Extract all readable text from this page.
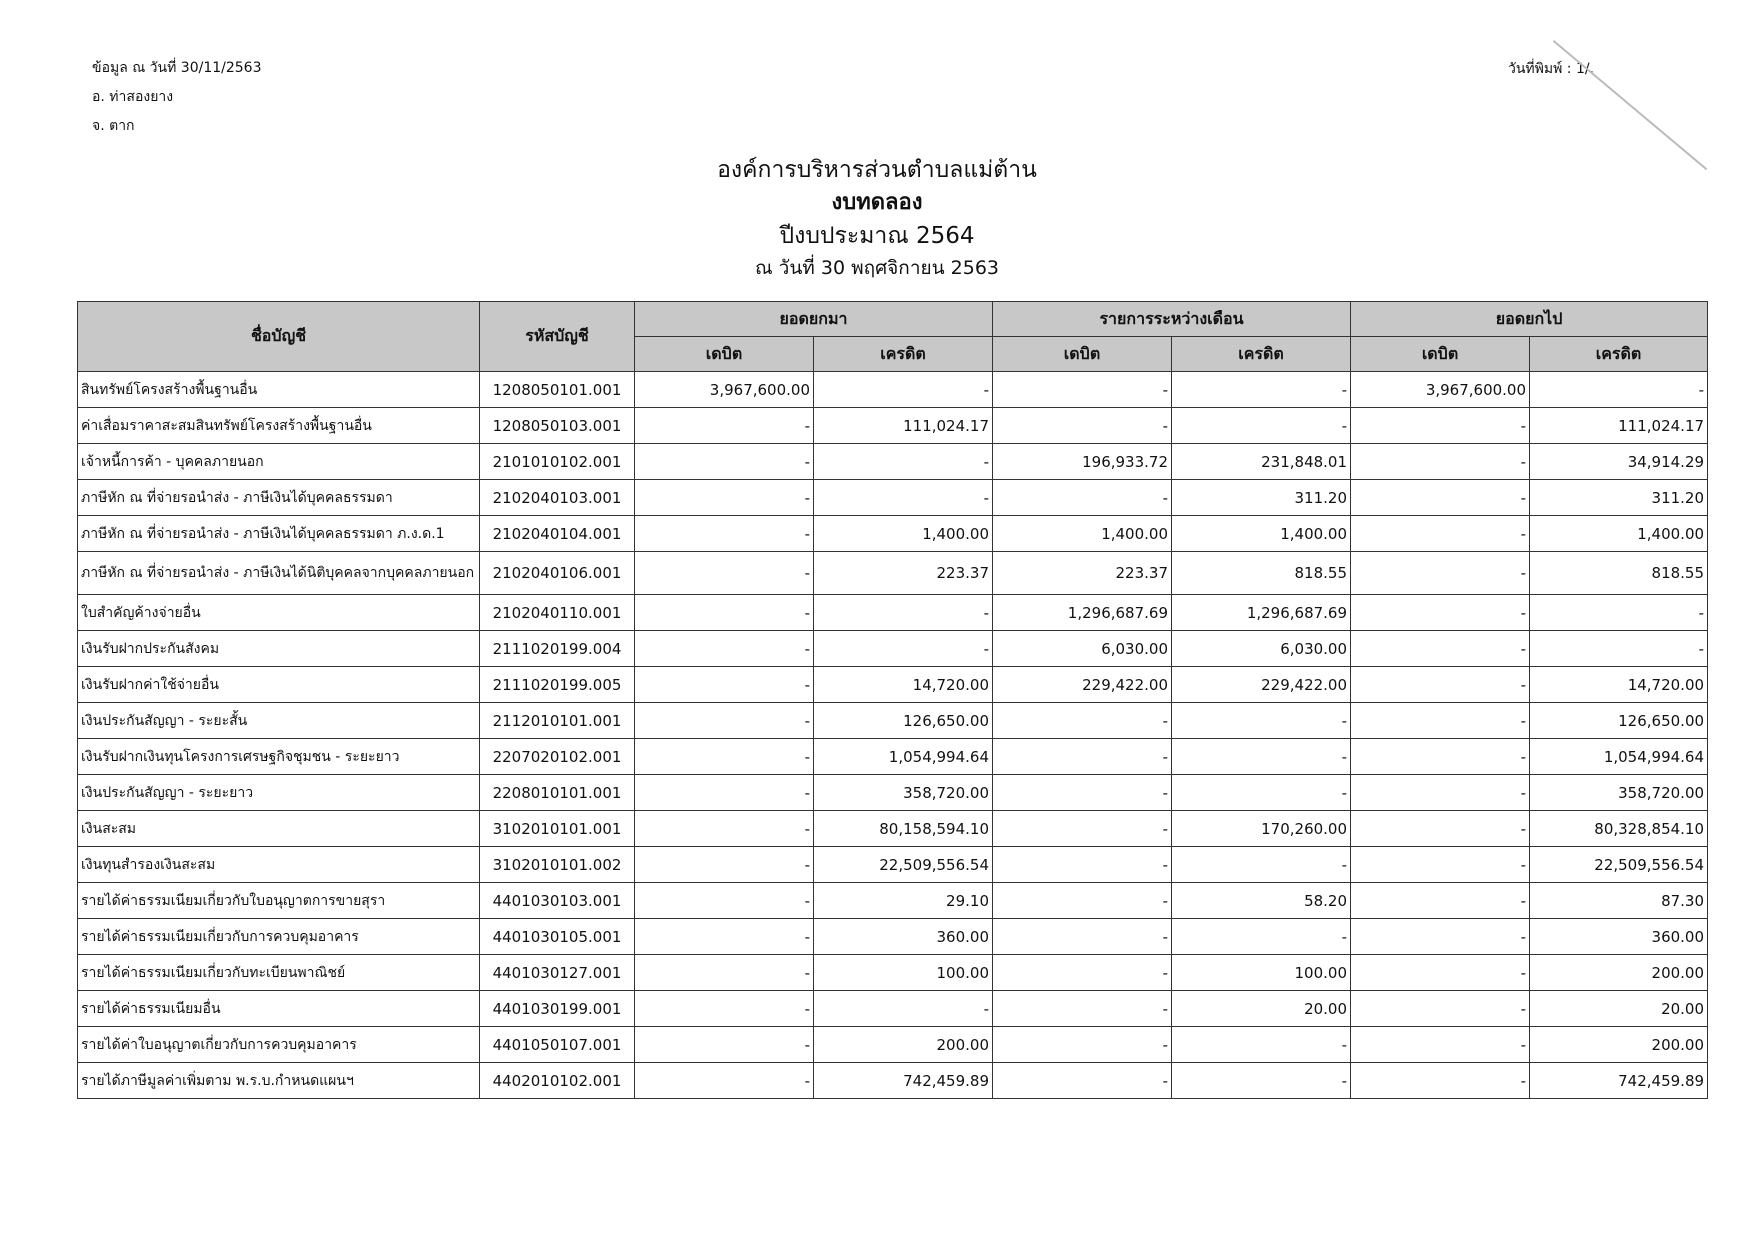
ข้อมูล ณ วันที่ 30/11/2563
อ. ท่าสองยาง
จ. ตาก
วันที่พิมพ์ : 1/.
องค์การบริหารส่วนตำบลแม่ต้าน
งบทดลอง
ปีงบประมาณ 2564
ณ วันที่ 30 พฤศจิกายน 2563
ชื่อบัญชี	รหัสบัญชี	ยอดยกมา		รายการระหว่างเดือน		ยอดยกไป	
		เดบิต	เครดิต	เดบิต	เครดิต	เดบิต	เครดิต
สินทรัพย์โครงสร้างพื้นฐานอื่น	1208050101.001	3,967,600.00	-	-	-	3,967,600.00	-
ค่าเสื่อมราคาสะสมสินทรัพย์โครงสร้างพื้นฐานอื่น	1208050103.001	-	111,024.17	-	-	-	111,024.17
เจ้าหนี้การค้า - บุคคลภายนอก	2101010102.001	-	-	196,933.72	231,848.01	-	34,914.29
ภาษีหัก ณ ที่จ่ายรอนำส่ง - ภาษีเงินได้บุคคลธรรมดา	2102040103.001	-	-	-	311.20	-	311.20
ภาษีหัก ณ ที่จ่ายรอนำส่ง - ภาษีเงินได้บุคคลธรรมดา ภ.ง.ด.1	2102040104.001	-	1,400.00	1,400.00	1,400.00	-	1,400.00
ภาษีหัก ณ ที่จ่ายรอนำส่ง - ภาษีเงินได้นิติบุคคลจากบุคคลภายนอก	2102040106.001	-	223.37	223.37	818.55	-	818.55
ใบสำคัญค้างจ่ายอื่น	2102040110.001	-	-	1,296,687.69	1,296,687.69	-	-
เงินรับฝากประกันสังคม	2111020199.004	-	-	6,030.00	6,030.00	-	-
เงินรับฝากค่าใช้จ่ายอื่น	2111020199.005	-	14,720.00	229,422.00	229,422.00	-	14,720.00
เงินประกันสัญญา - ระยะสั้น	2112010101.001	-	126,650.00	-	-	-	126,650.00
เงินรับฝากเงินทุนโครงการเศรษฐกิจชุมชน - ระยะยาว	2207020102.001	-	1,054,994.64	-	-	-	1,054,994.64
เงินประกันสัญญา - ระยะยาว	2208010101.001	-	358,720.00	-	-	-	358,720.00
เงินสะสม	3102010101.001	-	80,158,594.10	-	170,260.00	-	80,328,854.10
เงินทุนสำรองเงินสะสม	3102010101.002	-	22,509,556.54	-	-	-	22,509,556.54
รายได้ค่าธรรมเนียมเกี่ยวกับใบอนุญาตการขายสุรา	4401030103.001	-	29.10	-	58.20	-	87.30
รายได้ค่าธรรมเนียมเกี่ยวกับการควบคุมอาคาร	4401030105.001	-	360.00	-	-	-	360.00
รายได้ค่าธรรมเนียมเกี่ยวกับทะเบียนพาณิชย์	4401030127.001	-	100.00	-	100.00	-	200.00
รายได้ค่าธรรมเนียมอื่น	4401030199.001	-	-	-	20.00	-	20.00
รายได้ค่าใบอนุญาตเกี่ยวกับการควบคุมอาคาร	4401050107.001	-	200.00	-	-	-	200.00
รายได้ภาษีมูลค่าเพิ่มตาม พ.ร.บ.กำหนดแผนฯ	4402010102.001	-	742,459.89	-	-	-	742,459.89
